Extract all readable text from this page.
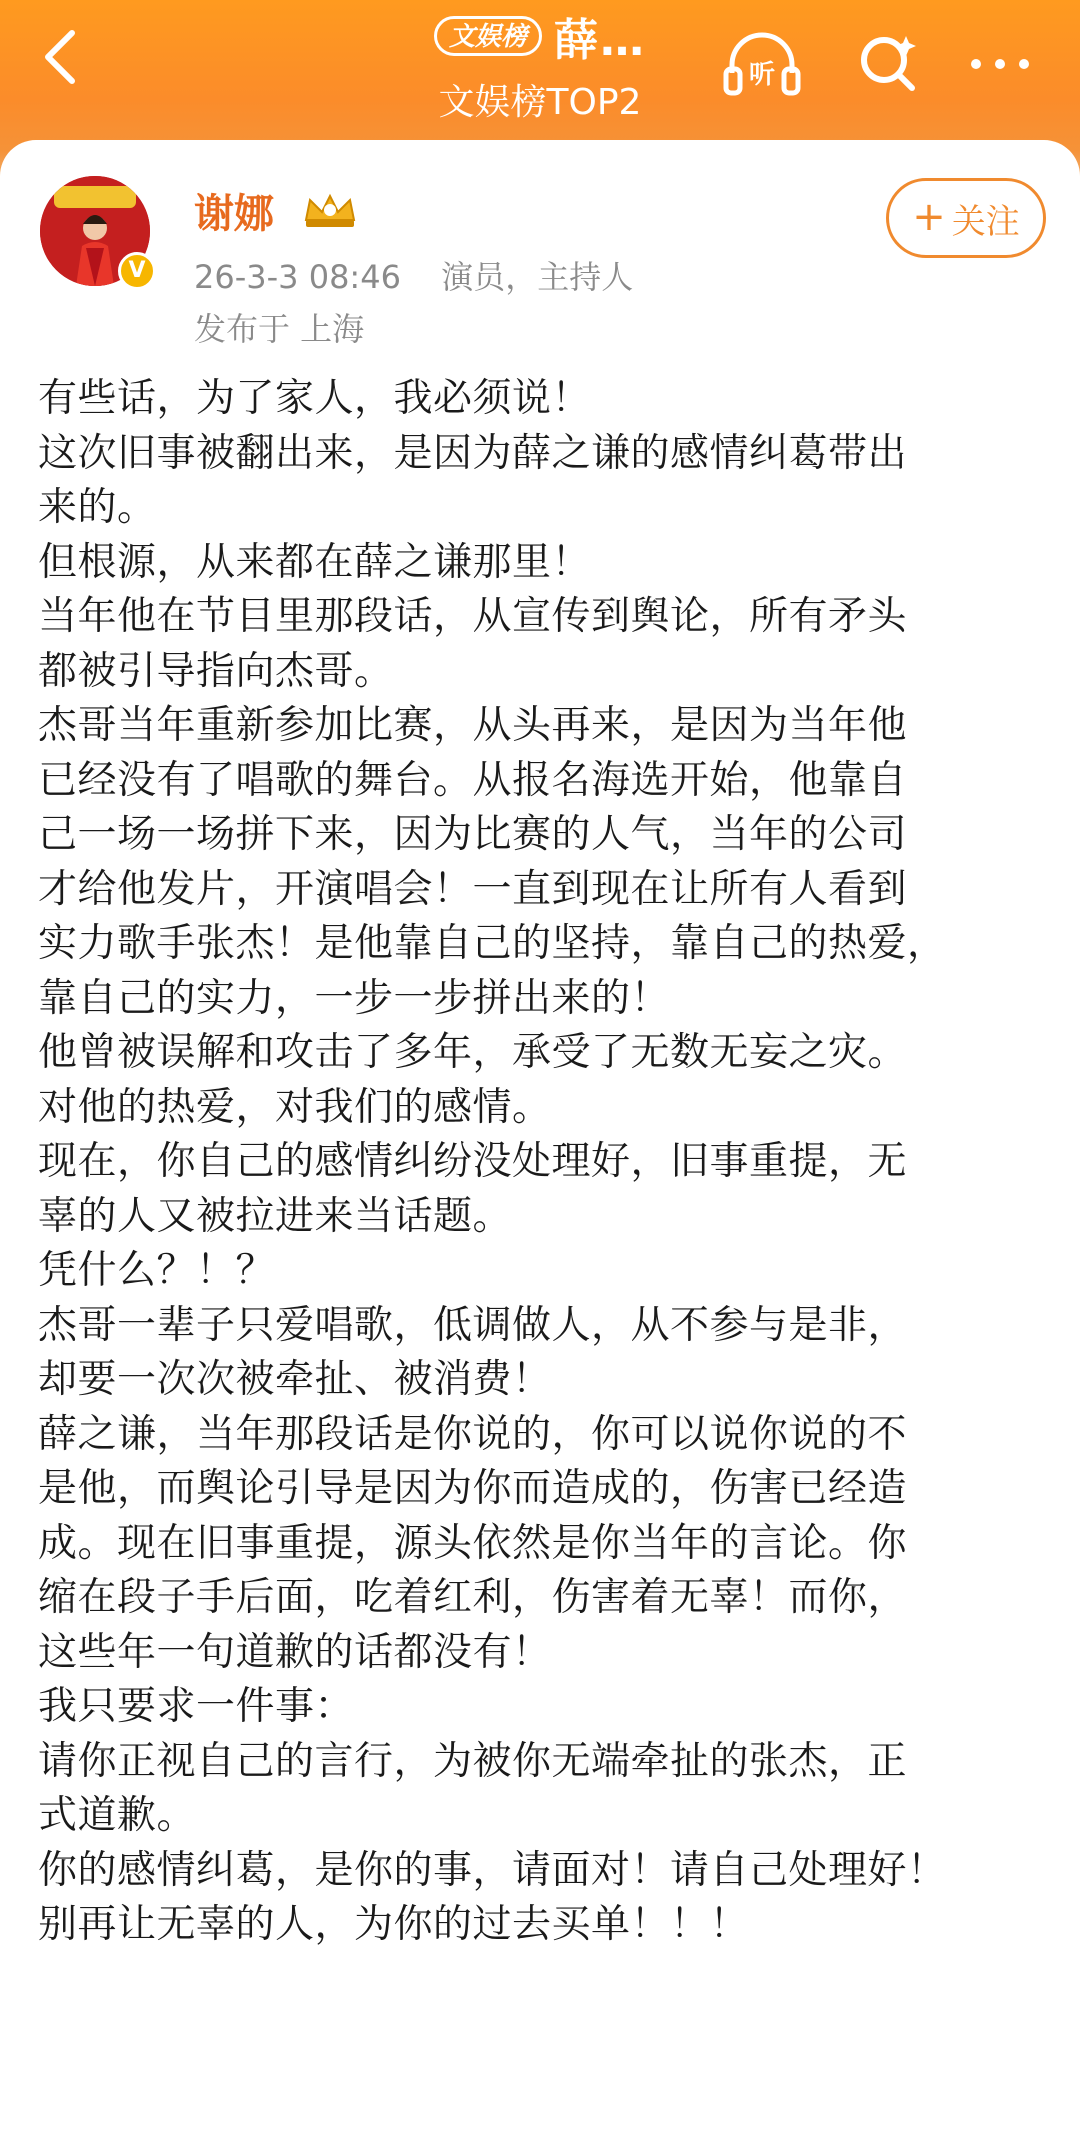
文娱榜 薛…
文娱榜TOP2
听
V
谢娜
26-3-3 08:46 演员，主持人
发布于 上海
+ 关注
有些话，为了家人，我必须说！
这次旧事被翻出来，是因为薛之谦的感情纠葛带出
来的。
但根源，从来都在薛之谦那里！
当年他在节目里那段话，从宣传到舆论，所有矛头
都被引导指向杰哥。
杰哥当年重新参加比赛，从头再来，是因为当年他
已经没有了唱歌的舞台。从报名海选开始，他靠自
己一场一场拼下来，因为比赛的人气，当年的公司
才给他发片，开演唱会！一直到现在让所有人看到
实力歌手张杰！是他靠自己的坚持，靠自己的热爱，
靠自己的实力，一步一步拼出来的！
他曾被误解和攻击了多年，承受了无数无妄之灾。
对他的热爱，对我们的感情。
现在，你自己的感情纠纷没处理好，旧事重提，无
辜的人又被拉进来当话题。
凭什么？！？
杰哥一辈子只爱唱歌，低调做人，从不参与是非，
却要一次次被牵扯、被消费！
薛之谦，当年那段话是你说的，你可以说你说的不
是他，而舆论引导是因为你而造成的，伤害已经造
成。现在旧事重提，源头依然是你当年的言论。你
缩在段子手后面，吃着红利，伤害着无辜！而你，
这些年一句道歉的话都没有！
我只要求一件事：
请你正视自己的言行，为被你无端牵扯的张杰，正
式道歉。
你的感情纠葛，是你的事，请面对！请自己处理好！
别再让无辜的人，为你的过去买单！！！
